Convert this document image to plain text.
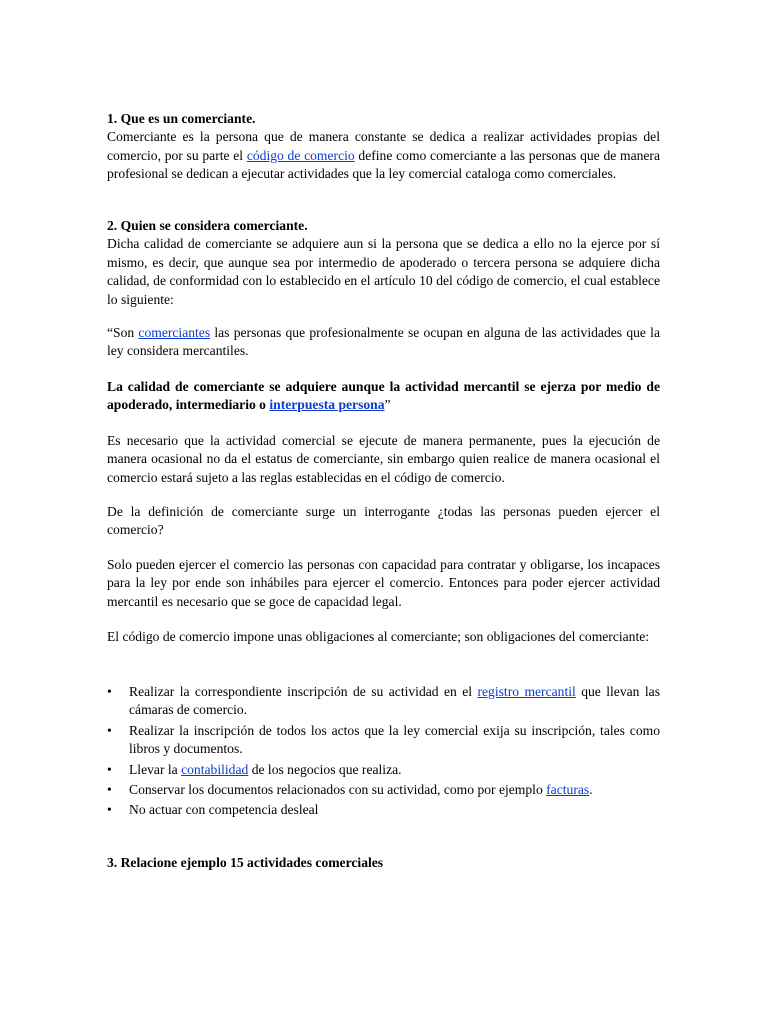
1. Que es un comerciante.
Comerciante es la persona que de manera constante se dedica a realizar actividades propias del comercio, por su parte el código de comercio define como comerciante a las personas que de manera profesional se dedican a ejecutar actividades que la ley comercial cataloga como comerciales.
2. Quien se considera comerciante.
Dicha calidad de comerciante se adquiere aun si la persona que se dedica a ello no la ejerce por sí mismo, es decir, que aunque sea por intermedio de apoderado o tercera persona se adquiere dicha calidad, de conformidad con lo establecido en el artículo 10 del código de comercio, el cual establece lo siguiente:
“Son comerciantes las personas que profesionalmente se ocupan en alguna de las actividades que la ley considera mercantiles.
La calidad de comerciante se adquiere aunque la actividad mercantil se ejerza por medio de apoderado, intermediario o interpuesta persona”
Es necesario que la actividad comercial se ejecute de manera permanente, pues la ejecución de manera ocasional no da el estatus de comerciante, sin embargo quien realice de manera ocasional el comercio estará sujeto a las reglas establecidas en el código de comercio.
De la definición de comerciante surge un interrogante ¿todas las personas pueden ejercer el comercio?
Solo pueden ejercer el comercio las personas con capacidad para contratar y obligarse, los incapaces para la ley por ende son inhábiles para ejercer el comercio. Entonces para poder ejercer actividad mercantil es necesario que se goce de capacidad legal.
El código de comercio impone unas obligaciones al comerciante; son obligaciones del comerciante:
• Realizar la correspondiente inscripción de su actividad en el registro mercantil que llevan las cámaras de comercio.
• Realizar la inscripción de todos los actos que la ley comercial exija su inscripción, tales como libros y documentos.
• Llevar la contabilidad de los negocios que realiza.
• Conservar los documentos relacionados con su actividad, como por ejemplo facturas.
• No actuar con competencia desleal
3. Relacione ejemplo 15 actividades comerciales
